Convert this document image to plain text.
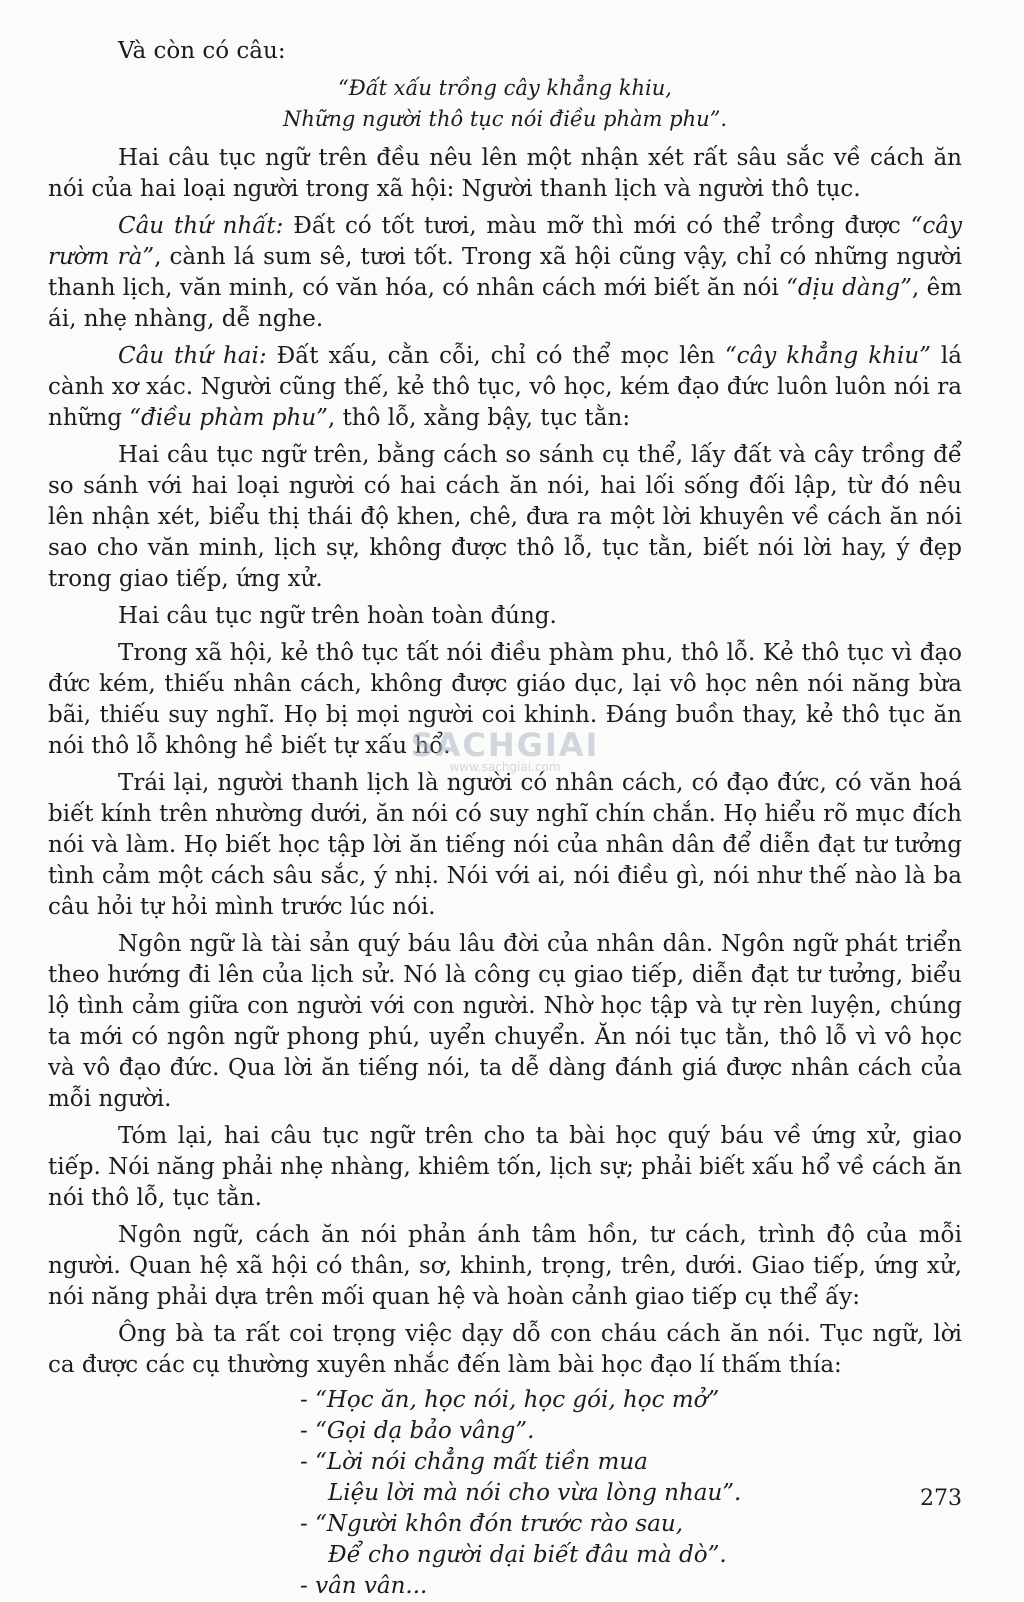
Và còn có câu:

“Đất xấu trồng cây khẳng khiu,

Những người thô tục nói điều phàm phu”.

Hai câu tục ngữ trên đều nêu lên một nhận xét rất sâu sắc về cách ăn nói của hai loại người trong xã hội: Người thanh lịch và người thô tục.

Câu thứ nhất: Đất có tốt tươi, màu mỡ thì mới có thể trồng được “cây rườm rà”, cành lá sum sê, tươi tốt. Trong xã hội cũng vậy, chỉ có những người thanh lịch, văn minh, có văn hóa, có nhân cách mới biết ăn nói “dịu dàng”, êm ái, nhẹ nhàng, dễ nghe.

Câu thứ hai: Đất xấu, cằn cỗi, chỉ có thể mọc lên “cây khẳng khiu” lá cành xơ xác. Người cũng thế, kẻ thô tục, vô học, kém đạo đức luôn luôn nói ra những “điều phàm phu”, thô lỗ, xằng bậy, tục tằn:

Hai câu tục ngữ trên, bằng cách so sánh cụ thể, lấy đất và cây trồng để so sánh với hai loại người có hai cách ăn nói, hai lối sống đối lập, từ đó nêu lên nhận xét, biểu thị thái độ khen, chê, đưa ra một lời khuyên về cách ăn nói sao cho văn minh, lịch sự, không được thô lỗ, tục tằn, biết nói lời hay, ý đẹp trong giao tiếp, ứng xử.

Hai câu tục ngữ trên hoàn toàn đúng.

Trong xã hội, kẻ thô tục tất nói điều phàm phu, thô lỗ. Kẻ thô tục vì đạo đức kém, thiếu nhân cách, không được giáo dục, lại vô học nên nói năng bừa bãi, thiếu suy nghĩ. Họ bị mọi người coi khinh. Đáng buồn thay, kẻ thô tục ăn nói thô lỗ không hề biết tự xấu hổ.

Trái lại, người thanh lịch là người có nhân cách, có đạo đức, có văn hoá biết kính trên nhường dưới, ăn nói có suy nghĩ chín chắn. Họ hiểu rõ mục đích nói và làm. Họ biết học tập lời ăn tiếng nói của nhân dân để diễn đạt tư tưởng tình cảm một cách sâu sắc, ý nhị. Nói với ai, nói điều gì, nói như thế nào là ba câu hỏi tự hỏi mình trước lúc nói.

Ngôn ngữ là tài sản quý báu lâu đời của nhân dân. Ngôn ngữ phát triển theo hướng đi lên của lịch sử. Nó là công cụ giao tiếp, diễn đạt tư tưởng, biểu lộ tình cảm giữa con người với con người. Nhờ học tập và tự rèn luyện, chúng ta mới có ngôn ngữ phong phú, uyển chuyển. Ăn nói tục tằn, thô lỗ vì vô học và vô đạo đức. Qua lời ăn tiếng nói, ta dễ dàng đánh giá được nhân cách của mỗi người.

Tóm lại, hai câu tục ngữ trên cho ta bài học quý báu về ứng xử, giao tiếp. Nói năng phải nhẹ nhàng, khiêm tốn, lịch sự; phải biết xấu hổ về cách ăn nói thô lỗ, tục tằn.

Ngôn ngữ, cách ăn nói phản ánh tâm hồn, tư cách, trình độ của mỗi người. Quan hệ xã hội có thân, sơ, khinh, trọng, trên, dưới. Giao tiếp, ứng xử, nói năng phải dựa trên mối quan hệ và hoàn cảnh giao tiếp cụ thể ấy:

Ông bà ta rất coi trọng việc dạy dỗ con cháu cách ăn nói. Tục ngữ, lời ca được các cụ thường xuyên nhắc đến làm bài học đạo lí thấm thía:

- “Học ăn, học nói, học gói, học mở”

- “Gọi dạ bảo vâng”.

- “Lời nói chẳng mất tiền mua

Liệu lời mà nói cho vừa lòng nhau”.

- “Người khôn đón trước rào sau,

Để cho người dại biết đâu mà dò”.

- vân vân...

SACHGIAI
www.sachgiai.com
273
